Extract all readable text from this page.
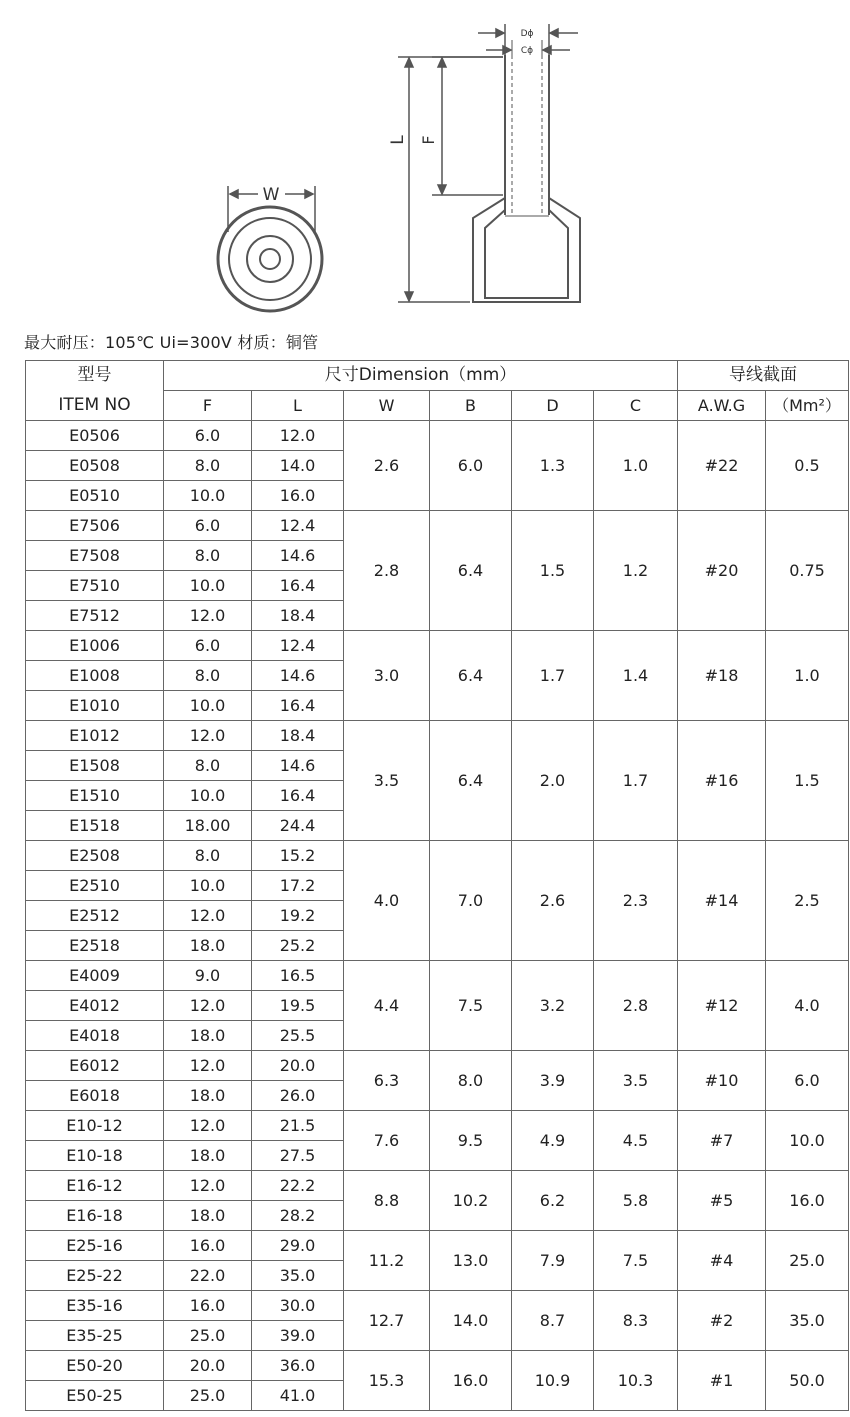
W
Dϕ
Cϕ
L F
最大耐压：105℃ Ui=300V 材质：铜管
型号	尺寸Dimension（mm）						导线截面	
ITEM NO	F	L	W	B	D	C	A.W.G	（Mm²）
E0506	6.0	12.0	2.6	6.0	1.3	1.0	#22	0.5
E0508	8.0	14.0						
E0510	10.0	16.0						
E7506	6.0	12.4	2.8	6.4	1.5	1.2	#20	0.75
E7508	8.0	14.6						
E7510	10.0	16.4						
E7512	12.0	18.4						
E1006	6.0	12.4	3.0	6.4	1.7	1.4	#18	1.0
E1008	8.0	14.6						
E1010	10.0	16.4						
E1012	12.0	18.4	3.5	6.4	2.0	1.7	#16	1.5
E1508	8.0	14.6						
E1510	10.0	16.4						
E1518	18.00	24.4						
E2508	8.0	15.2	4.0	7.0	2.6	2.3	#14	2.5
E2510	10.0	17.2						
E2512	12.0	19.2						
E2518	18.0	25.2						
E4009	9.0	16.5	4.4	7.5	3.2	2.8	#12	4.0
E4012	12.0	19.5						
E4018	18.0	25.5						
E6012	12.0	20.0	6.3	8.0	3.9	3.5	#10	6.0
E6018	18.0	26.0						
E10-12	12.0	21.5	7.6	9.5	4.9	4.5	#7	10.0
E10-18	18.0	27.5						
E16-12	12.0	22.2	8.8	10.2	6.2	5.8	#5	16.0
E16-18	18.0	28.2						
E25-16	16.0	29.0	11.2	13.0	7.9	7.5	#4	25.0
E25-22	22.0	35.0						
E35-16	16.0	30.0	12.7	14.0	8.7	8.3	#2	35.0
E35-25	25.0	39.0						
E50-20	20.0	36.0	15.3	16.0	10.9	10.3	#1	50.0
E50-25	25.0	41.0						
